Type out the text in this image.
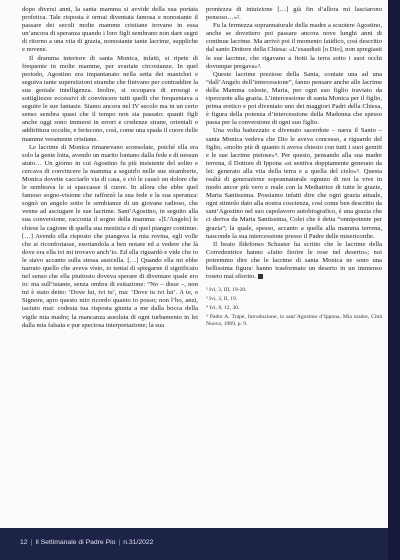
dopo diversi anni, la santa mamma si avvide della sua portata profetica. Tale risposta è ormai diventata famosa e nonostante il passare dei secoli molte mamme cristiane trovano in essa un’ancora di speranza quando i loro figli sembrano non dare segni di ritorno a una vita di grazia, nonostante tante lacrime, suppliche e novene.

Il dramma interiore di santa Monica, infatti, si ripete di frequente in molte mamme, per svariate circostanze. In quel periodo, Agostino era impantanato nella setta dei manichei e seguiva tante superstizioni strambe che finivano per contraddire la sua geniale intelligenza. Inoltre, si occupava di erosogi e sottigliezze eccessivi di convincere tutti quelli che frequentava a seguire le sue fantasie. Siamo ancora nel IV secolo ma in un certo senso sembra quasi che il tempo non sia passato: quanti figli anche oggi sono immersi in errori e credenze strane, orientali o addirittura occulte, e feriscono, così, come una spada il cuore delle mamme veramente cristiane.

Le lacrime di Monica rimanevano sconsolate, poiché ella era solo la gente lotta, avendo un marito lontano dalla fede e di nessun aiuto… Un giorno in cui Agostino fu più insistente del solito e cercava di convincere la mamma a seguirlo nelle sue stramberie, Monica dovette cacciarlo via di casa, e ciò le causò un dolore che le sembrava le si spaccasse il cuore. In allora che ebbe quel famoso sogno-visione che rafforzò la sua fede e la sua speranza: sognò un angelo sotto le sembianze di un giovane radioso, che venne ad asciugare le sue lacrime. Sant’Agostino, in seguito alla sua conversione, racconta il sogno della mamma: «[L’Angelo] le chiese la cagione di quella sua mestizia e di quel pianger continuo. […] Avendo ella risposto che piangeva la mia rovina, egli volle che si riconfortasse, esortandola a ben notare ed a vedere che là dove era ella ivi mi trovavo anch’io. Ed ella riguardò e vide che io le stavo accanto sulla stessa assicella. […] Quando ella mi ebbe narrato quello che aveva visto, io tentai di spiegarne il significato nel senso che ella piuttosto doveva sperare di diventare quale ero io: ma sull’istante, senza ombra di esitazione: “No – disse –, non mi è stato detto: ‘Dove lui, ivi tu’, ma: ‘Dove tu ivi lui’. A te, o Signore, apro questo mio ricordo quanto io posso; non l’ho, anzi, taciuto mai: codesta tua risposta giunta a me dalla bocca della vigile mia madre; la mancanza assoluta di ogni turbamento in lei dalla mia falsata e pur speciosa interpretazione; la sua

prontezza di intuizione […] già fin d’allora mi lasciarono pensoso…»².

Fu la fermezza soprannaturale della madre a scuotere Agostino, anche se dovettero poi passare ancora nove lunghi anni di continue lacrime. Ma arrivò poi il momento fatidico, così descritto dal santo Dottore della Chiesa: «L’esaudisti [o Dio], non spregiasti le sue lacrime, che rigavano a fiotti la terra sotto i suoi occhi dovunque pregava»³.

Queste lacrime preziose della Santa, contate una ad una “dall’Angelo dell’intercessione”, fanno pensare anche alle lacrime della Mamma celeste, Maria, per ogni suo figlio traviato da ripercuote alla grazia. L’intercessione di santa Monica per il figlio, prima eretico e poi diventato uno dei maggiori Padri della Chiesa, è figura della potenza d’intercessione della Madonna che spesso passa per la conversione di ogni suo figlio.

Una volta battezzato e divenuto sacerdote – narra il Santo – santa Monica vedeva che Dio le aveva concesso, a riguardo del figlio, «molto più di quanto ti aveva chiesto con tutti i suoi gemiti e le sue lacrime pietose»⁴. Per questo, pensando alla sua madre terrena, il Dottore di Ippona «si sentiva doppiamente generato da lei: generato alla vita della terra e a quella del cielo»⁵. Questa realtà di generazione soprannaturale ognuno di noi la vive in modo ancor più vero e reale con la Mediatrice di tutte le grazie, Maria Santissima. Possiamo infatti dire che ogni grazia attuale, ogni stimolo dato alla nostra coscienza, così come ben descritto da sant’Agostino nel suo capolavoro autobiografico, è una grazia che ci deriva da Maria Santissima, Colei che è detta “onnipotente per grazia”; la quale, spesso, accanto a quella alla mamma terrena, nasconde la sua intercessione presso il Padre delle misericordie.

Il beato Ildefonso Schuster ha scritto che le lacrime della Corredentrice hanno «fatto fiorire le rose nel deserto»; noi potremmo dire che le lacrime di santa Monica ne sono una bellissima figura: hanno trasformato un deserto in un immenso roseto mai sfiorito.

² Ivi, 3, III, 19-20.
³ Ivi, 3, II, 19.
⁴ Ivi, 8, 12, 30.
⁵ Padre A. Trapè, Introduzione, in sant’Agostino d’Ippona, Mia madre, Città Nuova, 1989, p. 9.
12 | Il Settimanale di Padre Pio | n.31/2022
